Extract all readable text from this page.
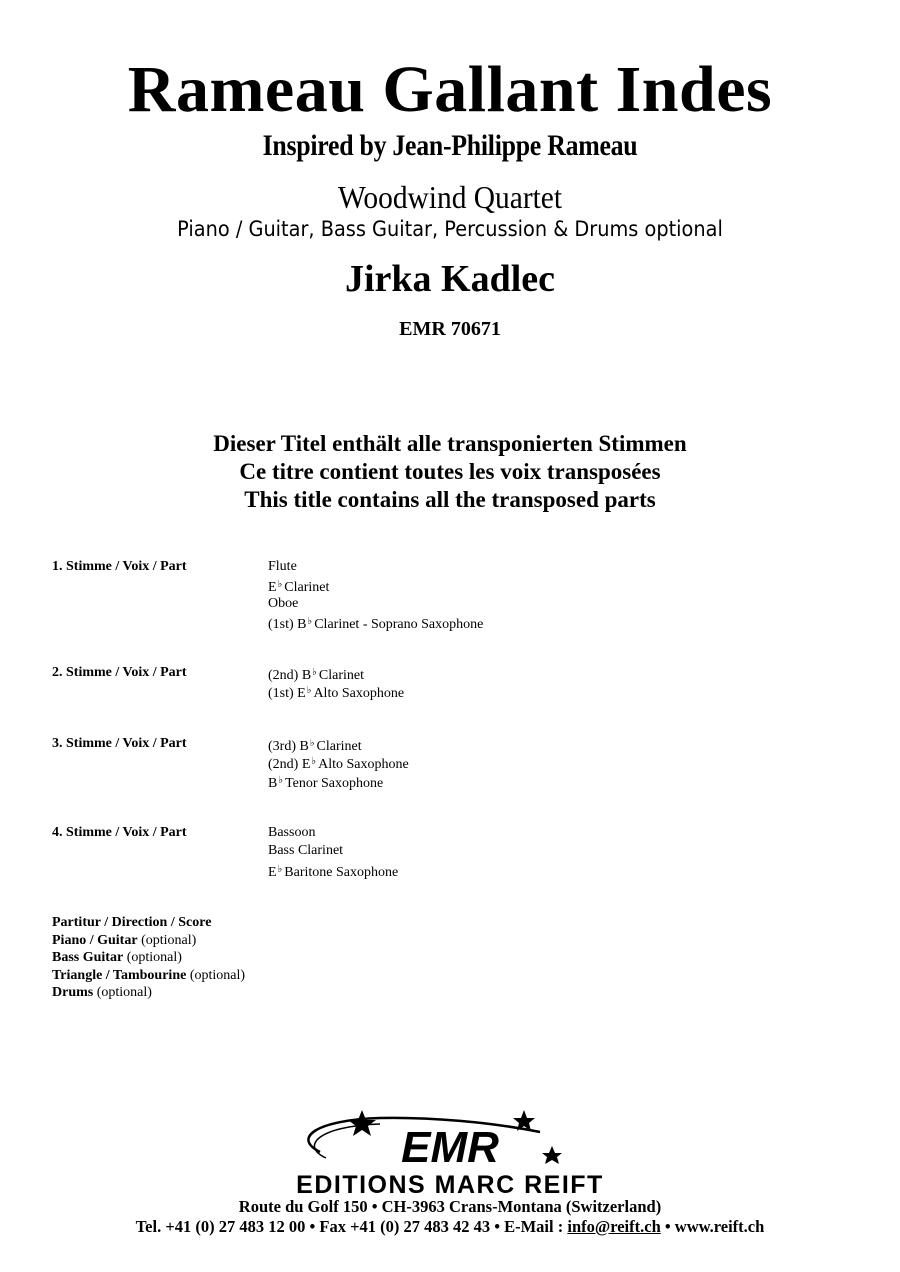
Rameau Gallant Indes
Inspired by Jean-Philippe Rameau
Woodwind Quartet
Piano / Guitar, Bass Guitar, Percussion & Drums optional
Jirka Kadlec
EMR 70671
Dieser Titel enthält alle transponierten Stimmen
Ce titre contient toutes les voix transposées
This title contains all the transposed parts
1. Stimme / Voix / Part	Flute
E♭ Clarinet
Oboe
(1st) B♭ Clarinet - Soprano Saxophone
2. Stimme / Voix / Part	(2nd) B♭ Clarinet
(1st) E♭ Alto Saxophone
3. Stimme / Voix / Part	(3rd) B♭ Clarinet
(2nd) E♭ Alto Saxophone
B♭ Tenor Saxophone
4. Stimme / Voix / Part	Bassoon
Bass Clarinet
E♭ Baritone Saxophone
Partitur / Direction / Score
Piano / Guitar (optional)
Bass Guitar (optional)
Triangle / Tambourine (optional)
Drums (optional)
EMR
EDITIONS MARC REIFT
Route du Golf 150 • CH-3963 Crans-Montana (Switzerland)
Tel. +41 (0) 27 483 12 00 • Fax +41 (0) 27 483 42 43 • E-Mail : info@reift.ch • www.reift.ch
